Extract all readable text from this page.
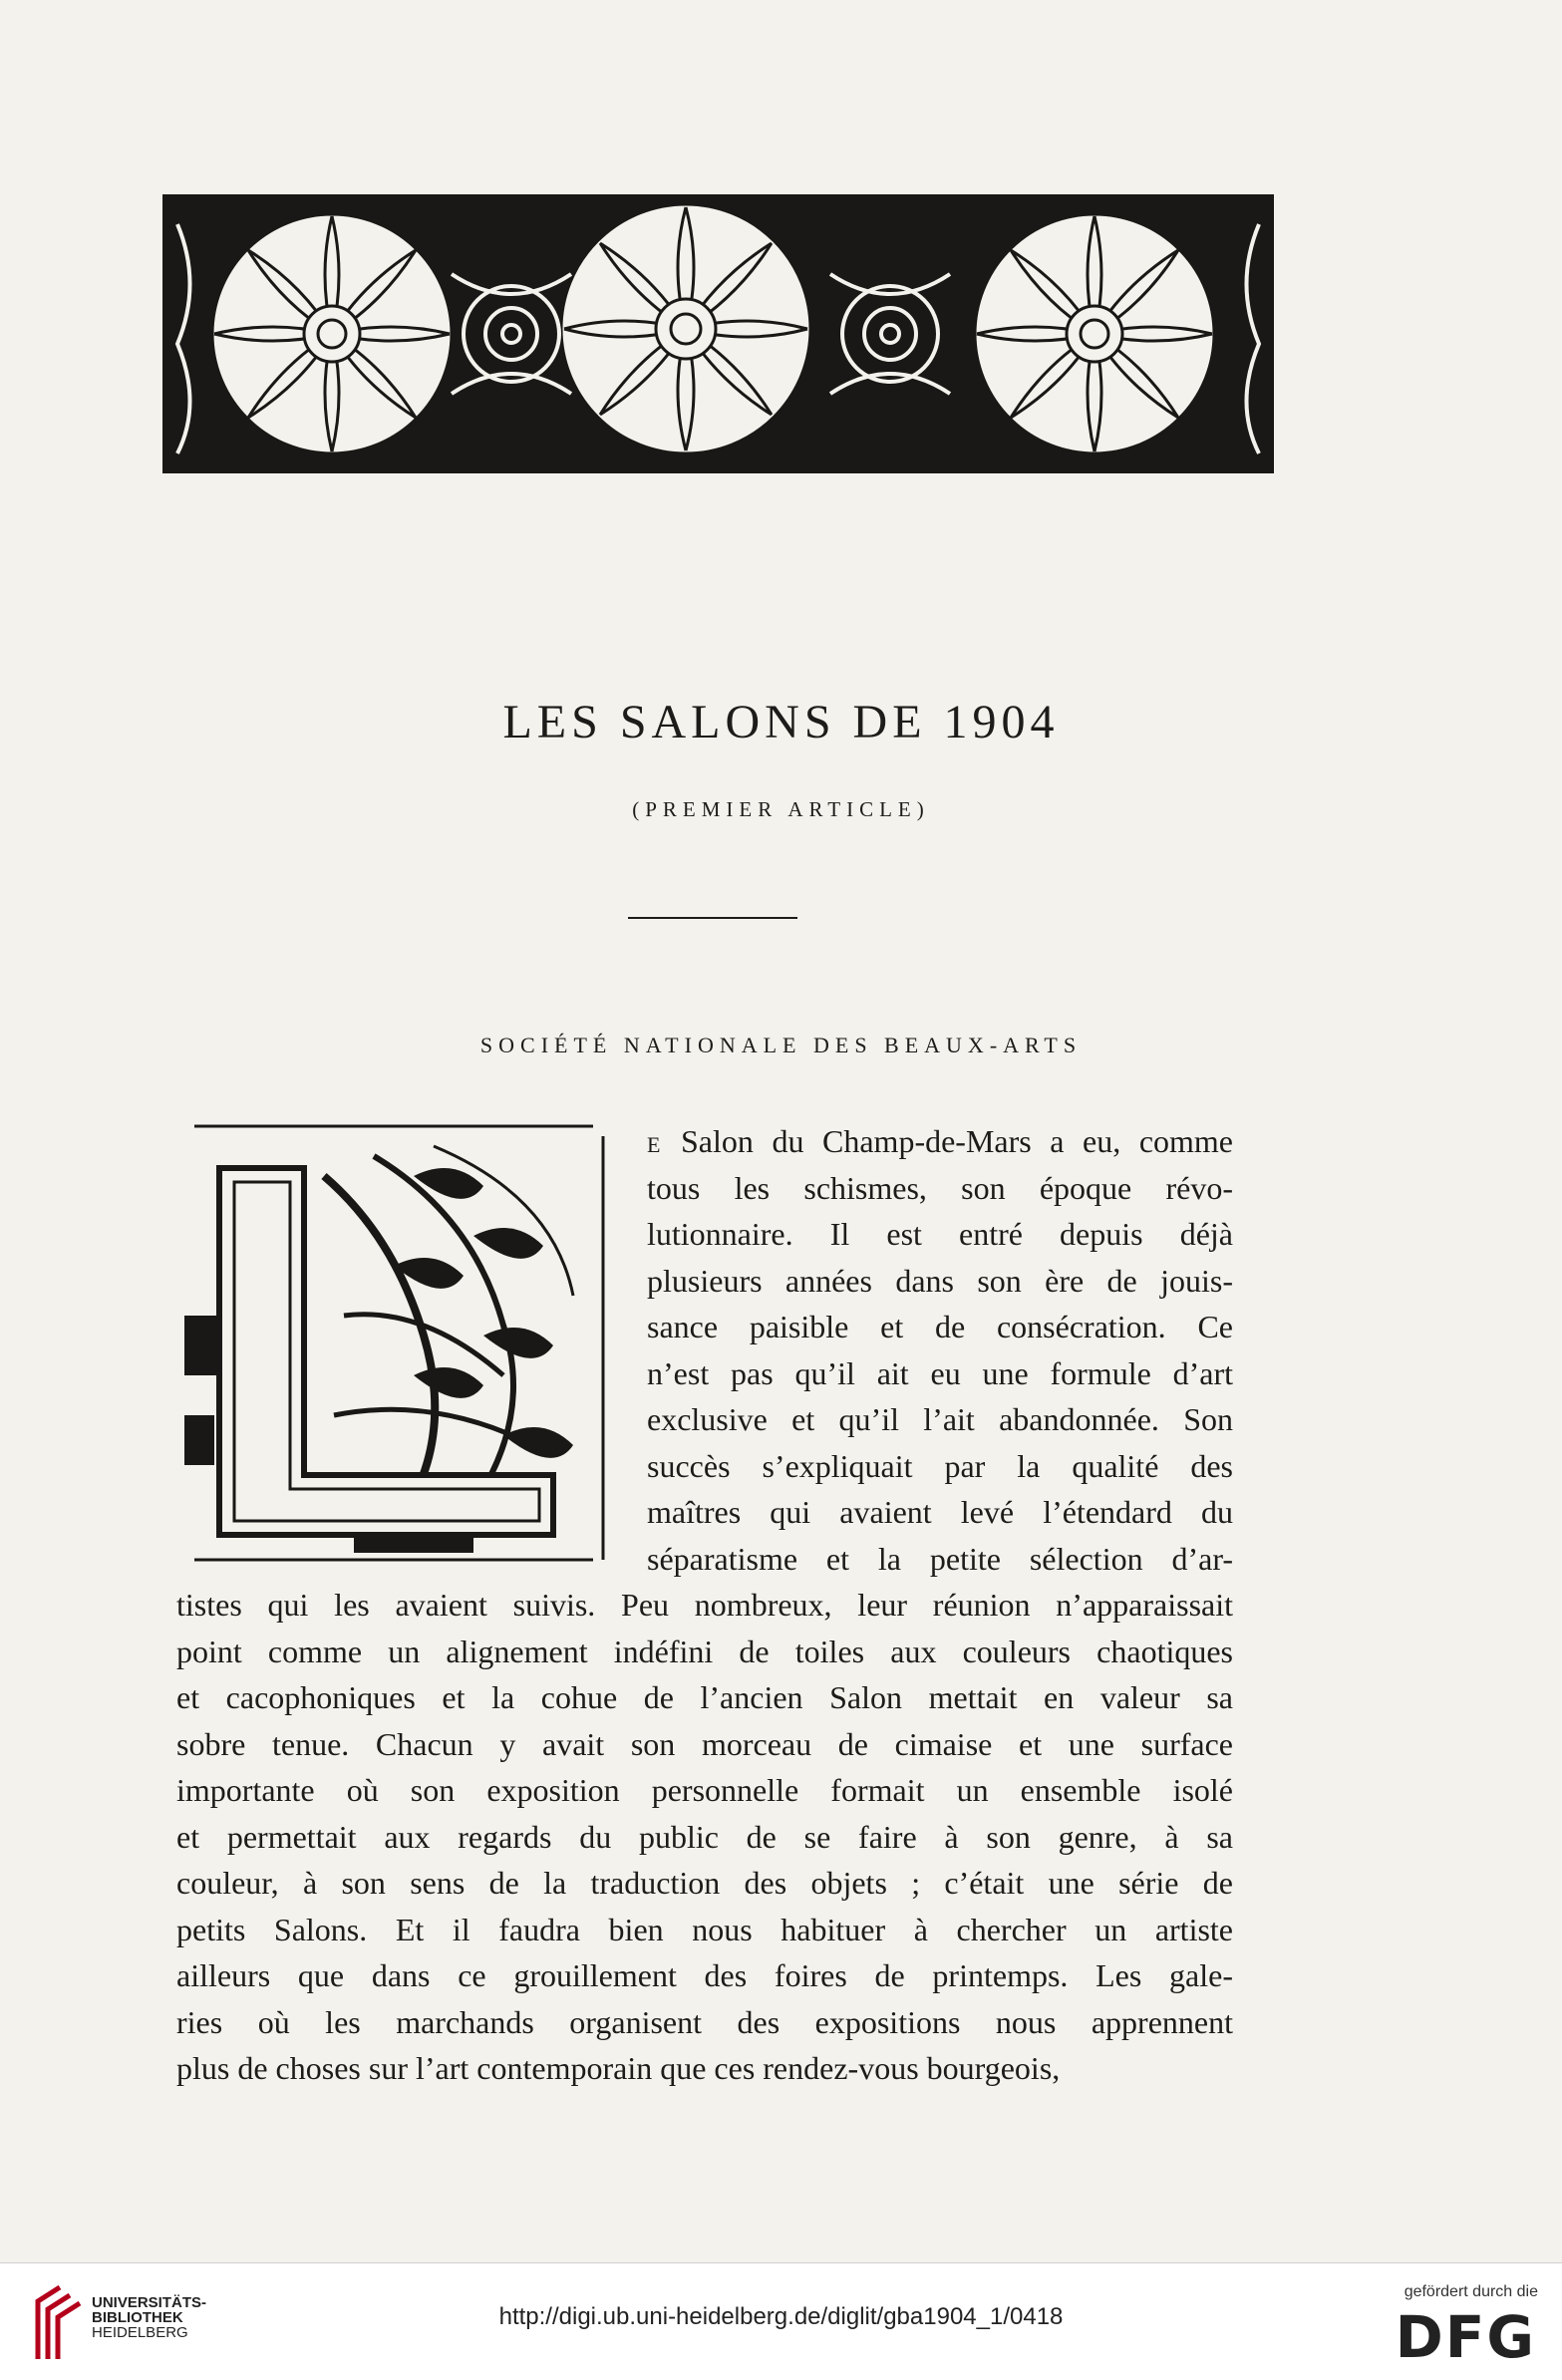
LES SALONS DE 1904
(PREMIER ARTICLE)
SOCIÉTÉ NATIONALE DES BEAUX-ARTS
E Salon du Champ-de-Mars a eu, comme
tous les schismes, son époque révo-
lutionnaire. Il est entré depuis déjà
plusieurs années dans son ère de jouis-
sance paisible et de consécration. Ce
n’est pas qu’il ait eu une formule d’art
exclusive et qu’il l’ait abandonnée. Son
succès s’expliquait par la qualité des
maîtres qui avaient levé l’étendard du
séparatisme et la petite sélection d’ar-
tistes qui les avaient suivis. Peu nombreux, leur réunion n’apparaissait
point comme un alignement indéfini de toiles aux couleurs chaotiques
et cacophoniques et la cohue de l’ancien Salon mettait en valeur sa
sobre tenue. Chacun y avait son morceau de cimaise et une surface
importante où son exposition personnelle formait un ensemble isolé
et permettait aux regards du public de se faire à son genre, à sa
couleur, à son sens de la traduction des objets ; c’était une série de
petits Salons. Et il faudra bien nous habituer à chercher un artiste
ailleurs que dans ce grouillement des foires de printemps. Les gale-
ries où les marchands organisent des expositions nous apprennent
plus de choses sur l’art contemporain que ces rendez-vous bourgeois,
UNIVERSITÄTS-
BIBLIOTHEK
HEIDELBERG
http://digi.ub.uni-heidelberg.de/diglit/gba1904_1/0418
gefördert durch die
DFG
